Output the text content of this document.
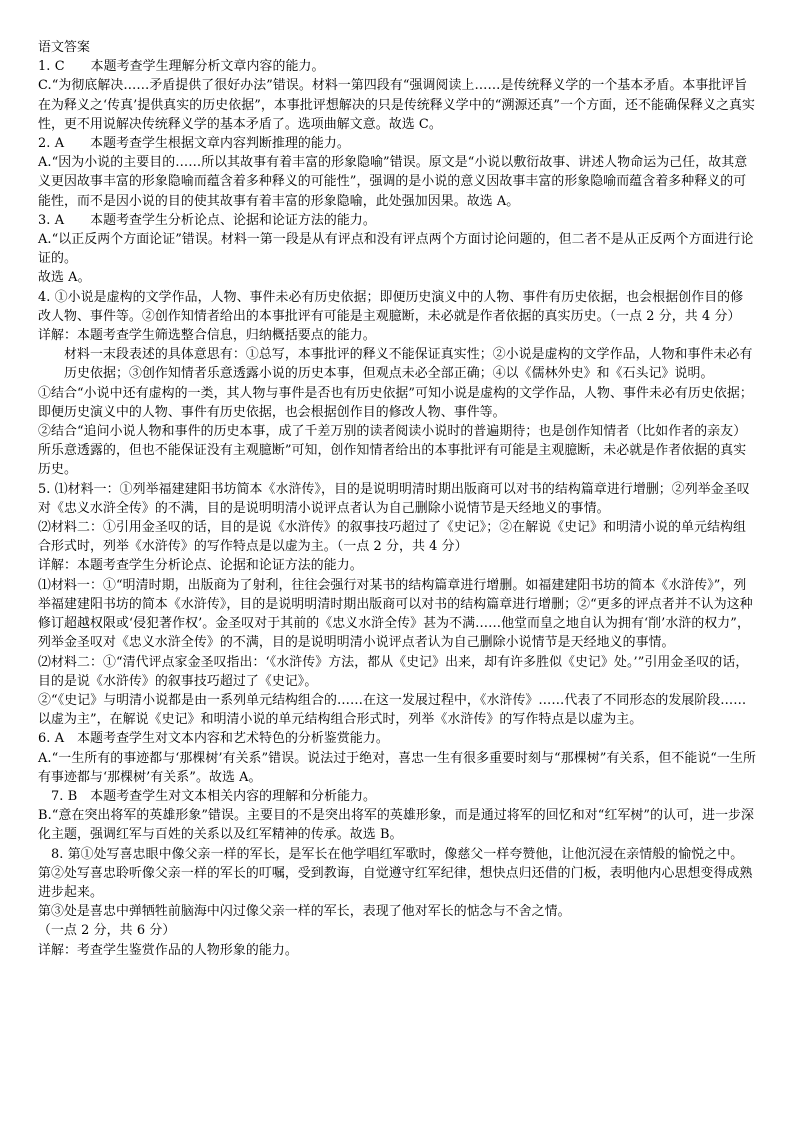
语文答案

1. C　　本题考查学生理解分析文章内容的能力。

C.“为彻底解决……矛盾提供了很好办法”错误。材料一第四段有“强调阅读上……是传统释义学的一个基本矛盾。本事批评旨在为释义之‘传真’提供真实的历史依据”，本事批评想解决的只是传统释义学中的“溯源还真”一个方面，还不能确保释义之真实性，更不用说解决传统释义学的基本矛盾了。选项曲解文意。故选 C。

2. A　　本题考查学生根据文章内容判断推理的能力。

A.“因为小说的主要目的……所以其故事有着丰富的形象隐喻”错误。原文是“小说以敷衍故事、讲述人物命运为己任，故其意义更因故事丰富的形象隐喻而蕴含着多种释义的可能性”，强调的是小说的意义因故事丰富的形象隐喻而蕴含着多种释义的可能性，而不是因小说的目的使其故事有着丰富的形象隐喻，此处强加因果。故选 A。

3. A　　本题考查学生分析论点、论据和论证方法的能力。

A.“以正反两个方面论证”错误。材料一第一段是从有评点和没有评点两个方面讨论问题的，但二者不是从正反两个方面进行论证的。

故选 A。

4. ①小说是虚构的文学作品，人物、事件未必有历史依据；即便历史演义中的人物、事件有历史依据，也会根据创作目的修改人物、事件等。②创作知情者给出的本事批评有可能是主观臆断，未必就是作者依据的真实历史。（一点 2 分，共 4 分）

详解：本题考查学生筛选整合信息，归纳概括要点的能力。

材料一末段表述的具体意思有：①总写，本事批评的释义不能保证真实性；②小说是虚构的文学作品，人物和事件未必有历史依据；③创作知情者乐意透露小说的历史本事，但观点未必全部正确；④以《儒林外史》和《石头记》说明。

①结合“小说中还有虚构的一类，其人物与事件是否也有历史依据”可知小说是虚构的文学作品，人物、事件未必有历史依据；即便历史演义中的人物、事件有历史依据，也会根据创作目的修改人物、事件等。

②结合“追问小说人物和事件的历史本事，成了千差万别的读者阅读小说时的普遍期待；也是创作知情者（比如作者的亲友）所乐意透露的，但也不能保证没有主观臆断”可知，创作知情者给出的本事批评有可能是主观臆断，未必就是作者依据的真实历史。

5. ⑴材料一：①列举福建建阳书坊简本《水浒传》，目的是说明明清时期出版商可以对书的结构篇章进行增删；②列举金圣叹对《忠义水浒全传》的不满，目的是说明明清小说评点者认为自己删除小说情节是天经地义的事情。

⑵材料二：①引用金圣叹的话，目的是说《水浒传》的叙事技巧超过了《史记》；②在解说《史记》和明清小说的单元结构组合形式时，列举《水浒传》的写作特点是以虚为主。（一点 2 分，共 4 分）

详解：本题考查学生分析论点、论据和论证方法的能力。

⑴材料一：①“明清时期，出版商为了射利，往往会强行对某书的结构篇章进行增删。如福建建阳书坊的简本《水浒传》”，列举福建建阳书坊的简本《水浒传》，目的是说明明清时期出版商可以对书的结构篇章进行增删；②“更多的评点者并不认为这种修订超越权限或‘侵犯著作权’。金圣叹对于其前的《忠义水浒全传》甚为不满……他堂而皇之地自认为拥有‘削’水浒的权力”，列举金圣叹对《忠义水浒全传》的不满，目的是说明明清小说评点者认为自己删除小说情节是天经地义的事情。

⑵材料二：①“清代评点家金圣叹指出：‘《水浒传》方法，都从《史记》出来，却有许多胜似《史记》处。’”引用金圣叹的话，目的是说《水浒传》的叙事技巧超过了《史记》。

②“《史记》与明清小说都是由一系列单元结构组合的……在这一发展过程中，《水浒传》……代表了不同形态的发展阶段……以虚为主”，在解说《史记》和明清小说的单元结构组合形式时，列举《水浒传》的写作特点是以虚为主。

6. A　本题考查学生对文本内容和艺术特色的分析鉴赏能力。

A.“一生所有的事迹都与‘那棵树’有关系”错误。说法过于绝对，喜忠一生有很多重要时刻与“那棵树”有关系，但不能说“一生所有事迹都与‘那棵树’有关系”。故选 A。

7. B　本题考查学生对文本相关内容的理解和分析能力。

B.“意在突出将军的英雄形象”错误。主要目的不是突出将军的英雄形象，而是通过将军的回忆和对“红军树”的认可，进一步深化主题，强调红军与百姓的关系以及红军精神的传承。故选 B。

8. 第①处写喜忠眼中像父亲一样的军长，是军长在他学唱红军歌时，像慈父一样夸赞他，让他沉浸在亲情般的愉悦之中。

第②处写喜忠聆听像父亲一样的军长的叮嘱，受到教诲，自觉遵守红军纪律，想快点归还借的门板，表明他内心思想变得成熟进步起来。

第③处是喜忠中弹牺牲前脑海中闪过像父亲一样的军长，表现了他对军长的惦念与不舍之情。

（一点 2 分，共 6 分）

详解：考查学生鉴赏作品的人物形象的能力。
